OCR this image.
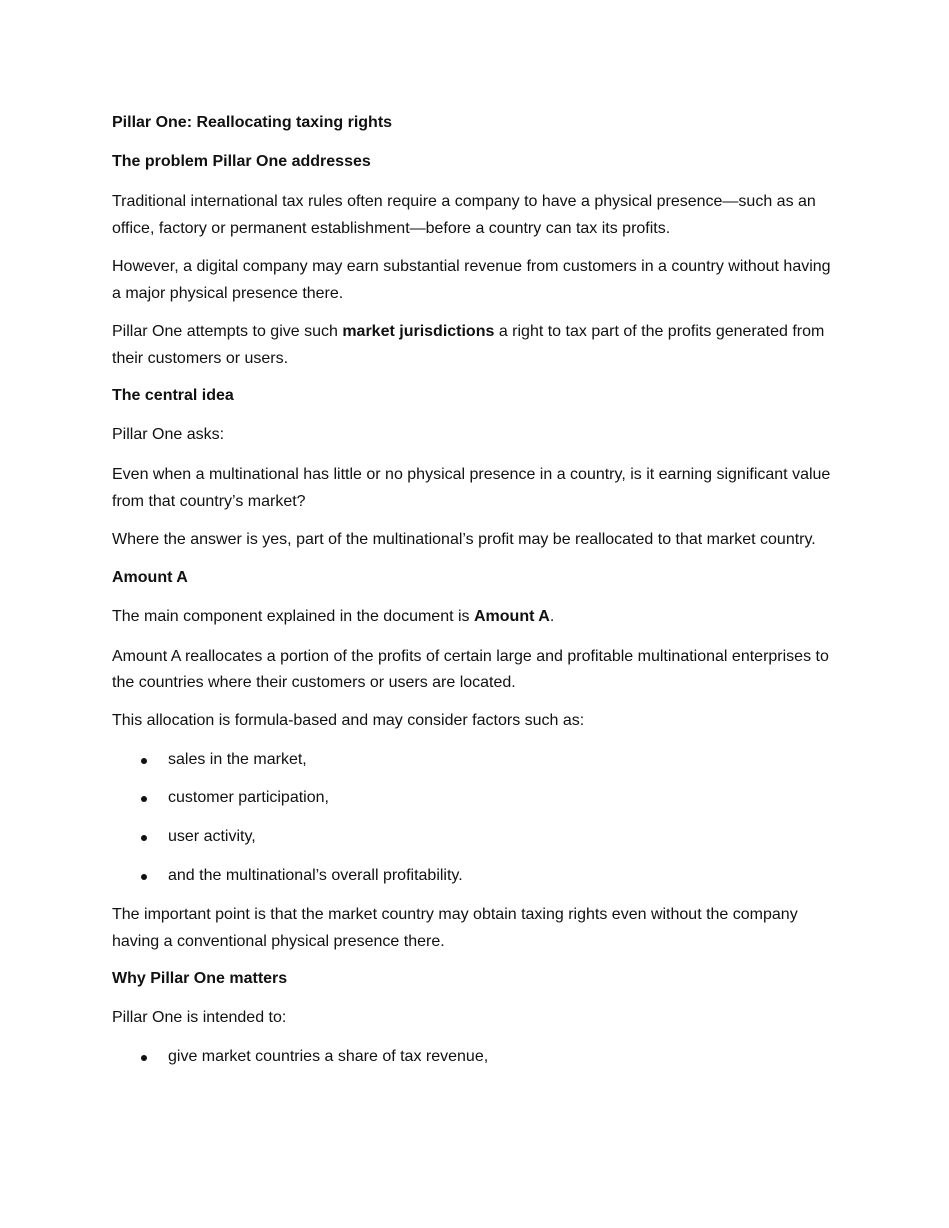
Pillar One: Reallocating taxing rights

The problem Pillar One addresses

Traditional international tax rules often require a company to have a physical presence—such as an office, factory or permanent establishment—before a country can tax its profits.

However, a digital company may earn substantial revenue from customers in a country without having a major physical presence there.

Pillar One attempts to give such market jurisdictions a right to tax part of the profits generated from their customers or users.

The central idea

Pillar One asks:

Even when a multinational has little or no physical presence in a country, is it earning significant value from that country’s market?

Where the answer is yes, part of the multinational’s profit may be reallocated to that market country.

Amount A

The main component explained in the document is Amount A.

Amount A reallocates a portion of the profits of certain large and profitable multinational enterprises to the countries where their customers or users are located.

This allocation is formula-based and may consider factors such as:

sales in the market,
customer participation,
user activity,
and the multinational’s overall profitability.

The important point is that the market country may obtain taxing rights even without the company having a conventional physical presence there.

Why Pillar One matters

Pillar One is intended to:

give market countries a share of tax revenue,
